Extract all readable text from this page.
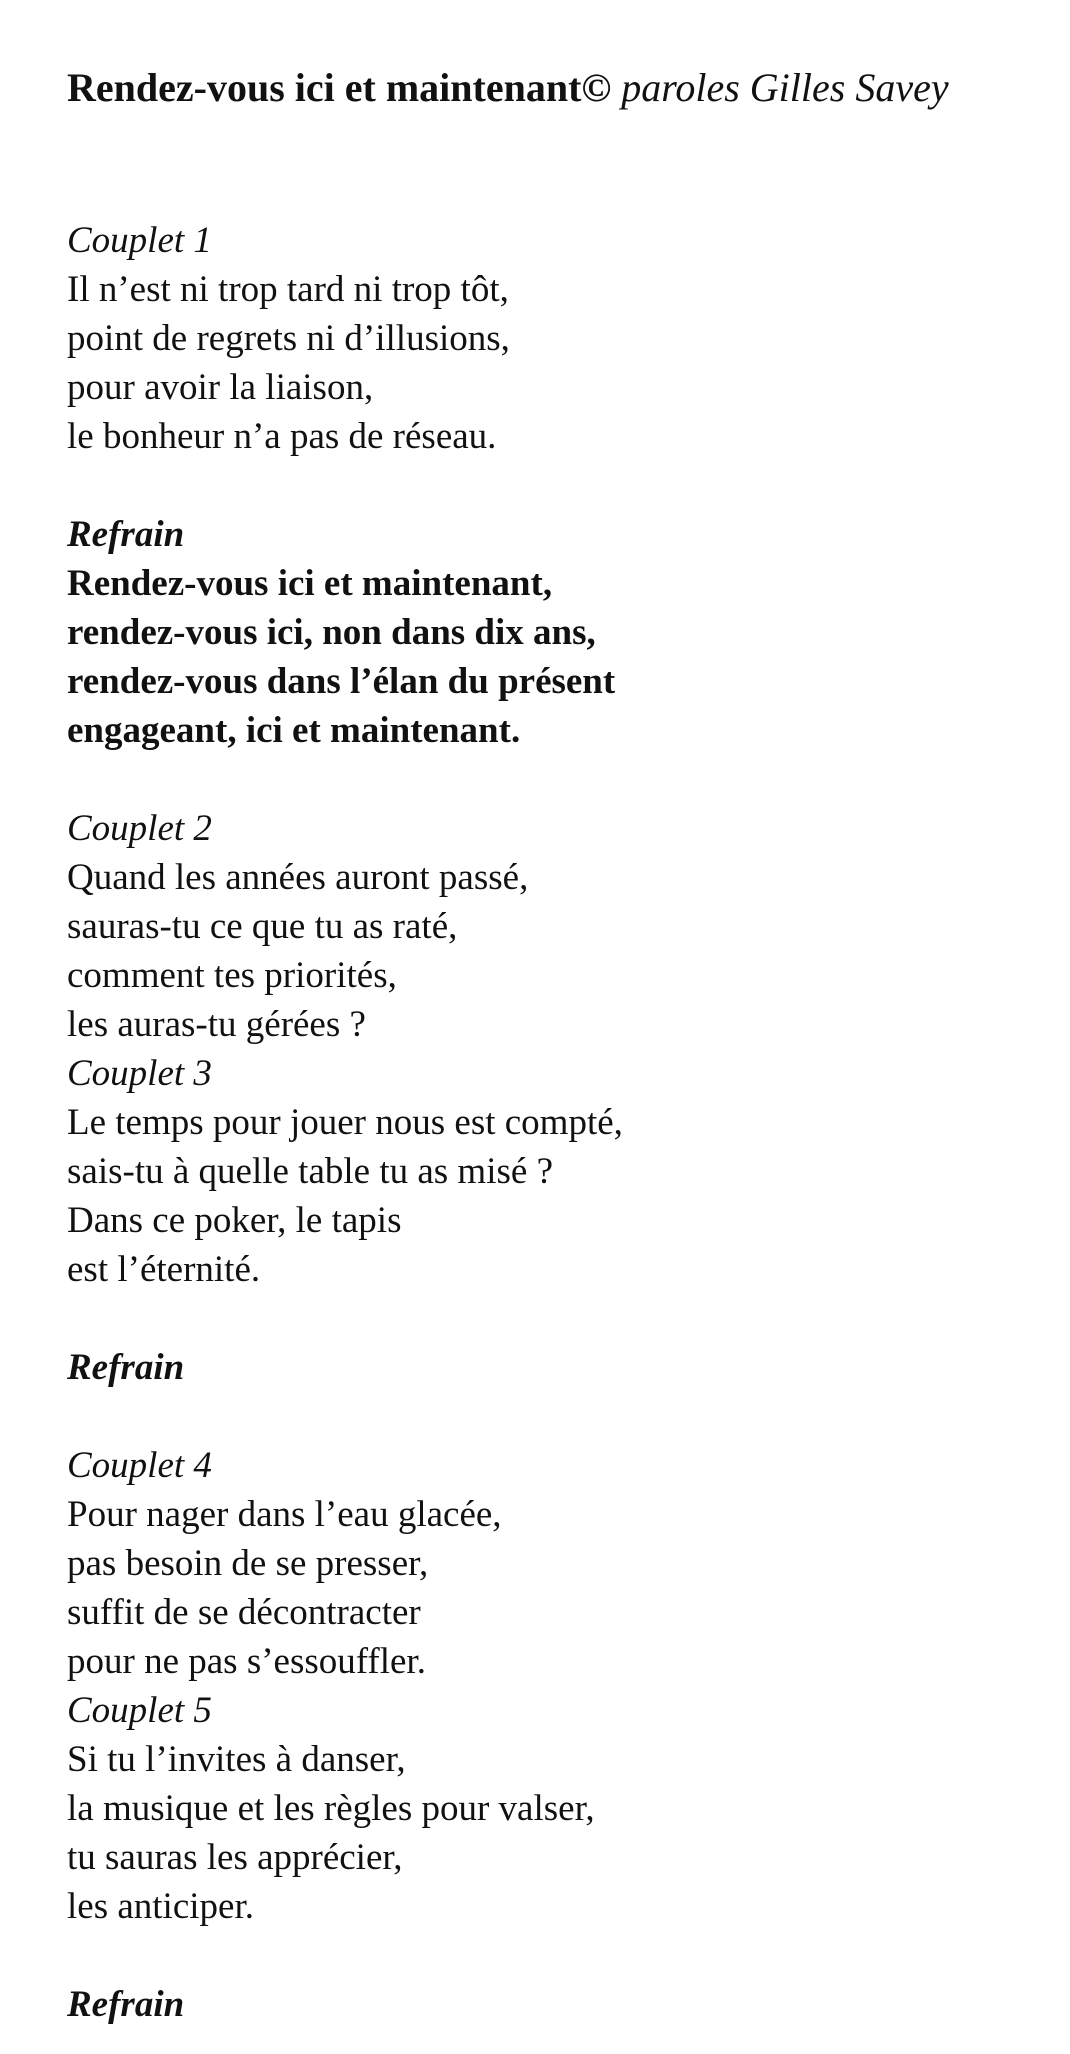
Rendez-vous ici et maintenant© paroles Gilles Savey

Couplet 1

Il n’est ni trop tard ni trop tôt,
point de regrets ni d’illusions,
pour avoir la liaison,
le bonheur n’a pas de réseau.

Refrain

Rendez-vous ici et maintenant,
rendez-vous ici, non dans dix ans,
rendez-vous dans l’élan du présent
engageant, ici et maintenant.

Couplet 2

Quand les années auront passé,
sauras-tu ce que tu as raté,
comment tes priorités,
les auras-tu gérées ?

Couplet 3

Le temps pour jouer nous est compté,
sais-tu à quelle table tu as misé ?
Dans ce poker, le tapis
est l’éternité.

Refrain

Couplet 4

Pour nager dans l’eau glacée,
pas besoin de se presser,
suffit de se décontracter
pour ne pas s’essouffler.

Couplet 5

Si tu l’invites à danser,
la musique et les règles pour valser,
tu sauras les apprécier,
les anticiper.

Refrain
